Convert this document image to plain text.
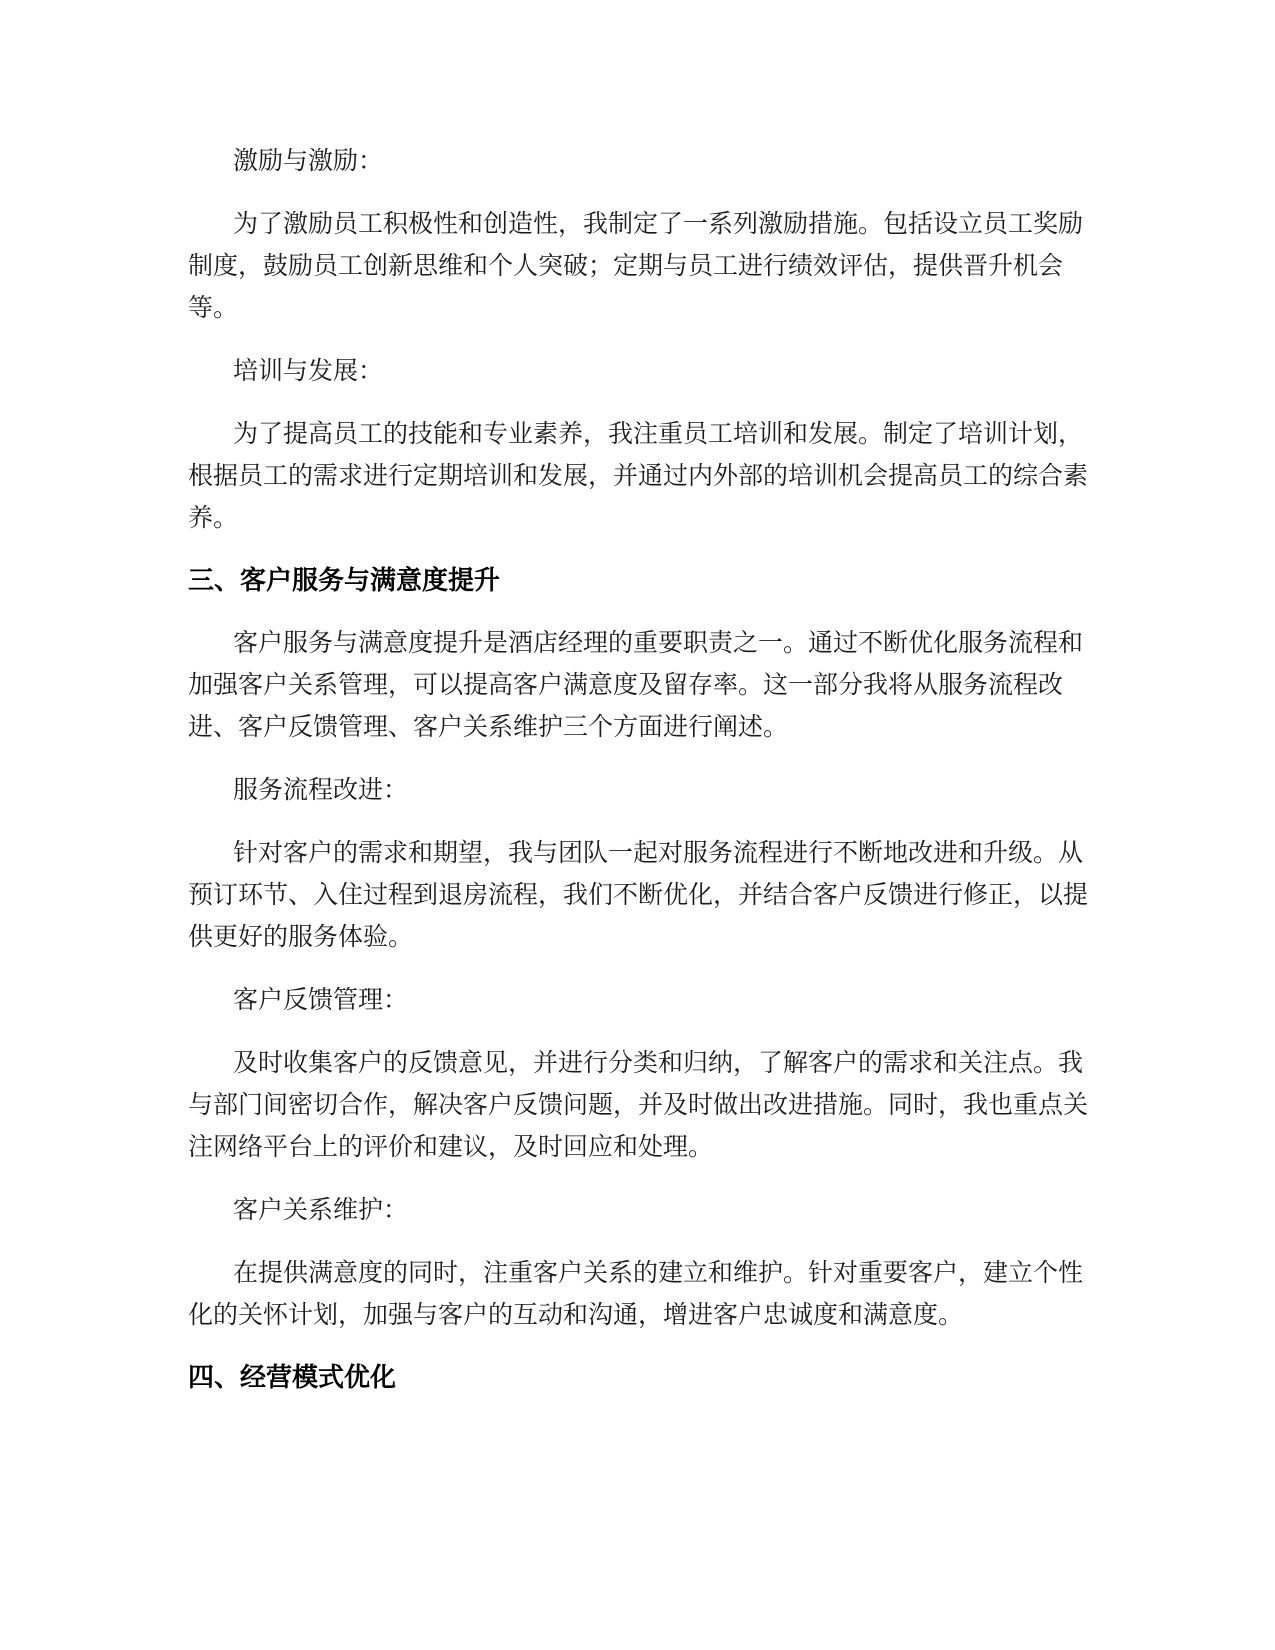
激励与激励：

为了激励员工积极性和创造性，我制定了一系列激励措施。包括设立员工奖励制度，鼓励员工创新思维和个人突破；定期与员工进行绩效评估，提供晋升机会等。

培训与发展：

为了提高员工的技能和专业素养，我注重员工培训和发展。制定了培训计划，根据员工的需求进行定期培训和发展，并通过内外部的培训机会提高员工的综合素养。

三、客户服务与满意度提升

客户服务与满意度提升是酒店经理的重要职责之一。通过不断优化服务流程和加强客户关系管理，可以提高客户满意度及留存率。这一部分我将从服务流程改进、客户反馈管理、客户关系维护三个方面进行阐述。

服务流程改进：

针对客户的需求和期望，我与团队一起对服务流程进行不断地改进和升级。从预订环节、入住过程到退房流程，我们不断优化，并结合客户反馈进行修正，以提供更好的服务体验。

客户反馈管理：

及时收集客户的反馈意见，并进行分类和归纳，了解客户的需求和关注点。我与部门间密切合作，解决客户反馈问题，并及时做出改进措施。同时，我也重点关注网络平台上的评价和建议，及时回应和处理。

客户关系维护：

在提供满意度的同时，注重客户关系的建立和维护。针对重要客户，建立个性化的关怀计划，加强与客户的互动和沟通，增进客户忠诚度和满意度。

四、经营模式优化
